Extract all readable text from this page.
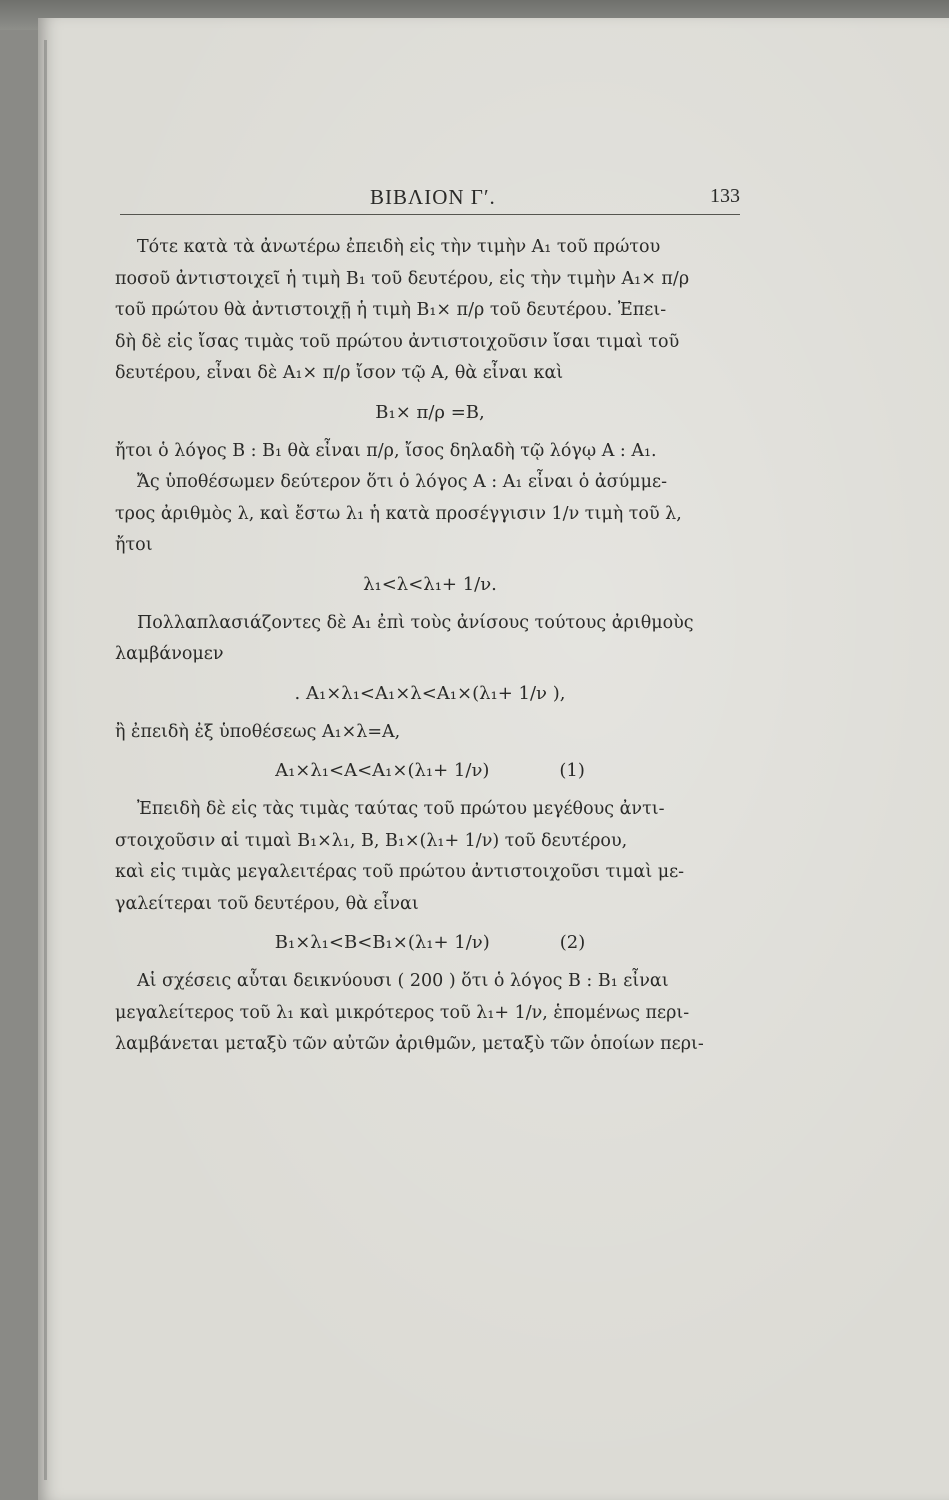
ΒΙΒΛΙΟΝ Γʹ.	133
Τότε κατὰ τὰ ἀνωτέρω ἐπειδὴ εἰς τὴν τιμὴν A₁ τοῦ πρώτου
ποσοῦ ἀντιστοιχεῖ ἡ τιμὴ B₁ τοῦ δευτέρου, εἰς τὴν τιμὴν A₁× π/ρ
τοῦ πρώτου θὰ ἀντιστοιχῇ ἡ τιμὴ B₁× π/ρ τοῦ δευτέρου. Ἐπει-
δὴ δὲ εἰς ἴσας τιμὰς τοῦ πρώτου ἀντιστοιχοῦσιν ἴσαι τιμαὶ τοῦ
δευτέρου, εἶναι δὲ A₁× π/ρ ἴσον τῷ A, θὰ εἶναι καὶ
B₁× π/ρ =B,
ἤτοι ὁ λόγος B : B₁ θὰ εἶναι π/ρ, ἴσος δηλαδὴ τῷ λόγῳ A : A₁.
Ἄς ὑποθέσωμεν δεύτερον ὅτι ὁ λόγος A : A₁ εἶναι ὁ ἀσύμμε-
τρος ἀριθμὸς λ, καὶ ἔστω λ₁ ἡ κατὰ προσέγγισιν 1/ν τιμὴ τοῦ λ,
ἤτοι
λ₁<λ<λ₁+ 1/ν.
Πολλαπλασιάζοντες δὲ A₁ ἐπὶ τοὺς ἀνίσους τούτους ἀριθμοὺς
λαμβάνομεν
. A₁×λ₁<A₁×λ<A₁×(λ₁+ 1/ν ),
ἢ ἐπειδὴ ἐξ ὑποθέσεως A₁×λ=A,
A₁×λ₁<A<A₁×(λ₁+ 1/ν)	(1)
Ἐπειδὴ δὲ εἰς τὰς τιμὰς ταύτας τοῦ πρώτου μεγέθους ἀντι-
στοιχοῦσιν αἱ τιμαὶ B₁×λ₁, B, B₁×(λ₁+ 1/ν) τοῦ δευτέρου,
καὶ εἰς τιμὰς μεγαλειτέρας τοῦ πρώτου ἀντιστοιχοῦσι τιμαὶ με-
γαλείτεραι τοῦ δευτέρου, θὰ εἶναι
B₁×λ₁<B<B₁×(λ₁+ 1/ν)	(2)
Αἱ σχέσεις αὗται δεικνύουσι ( 200 ) ὅτι ὁ λόγος B : B₁ εἶναι
μεγαλείτερος τοῦ λ₁ καὶ μικρότερος τοῦ λ₁+ 1/ν, ἑπομένως περι-
λαμβάνεται μεταξὺ τῶν αὐτῶν ἀριθμῶν, μεταξὺ τῶν ὁποίων περι-
